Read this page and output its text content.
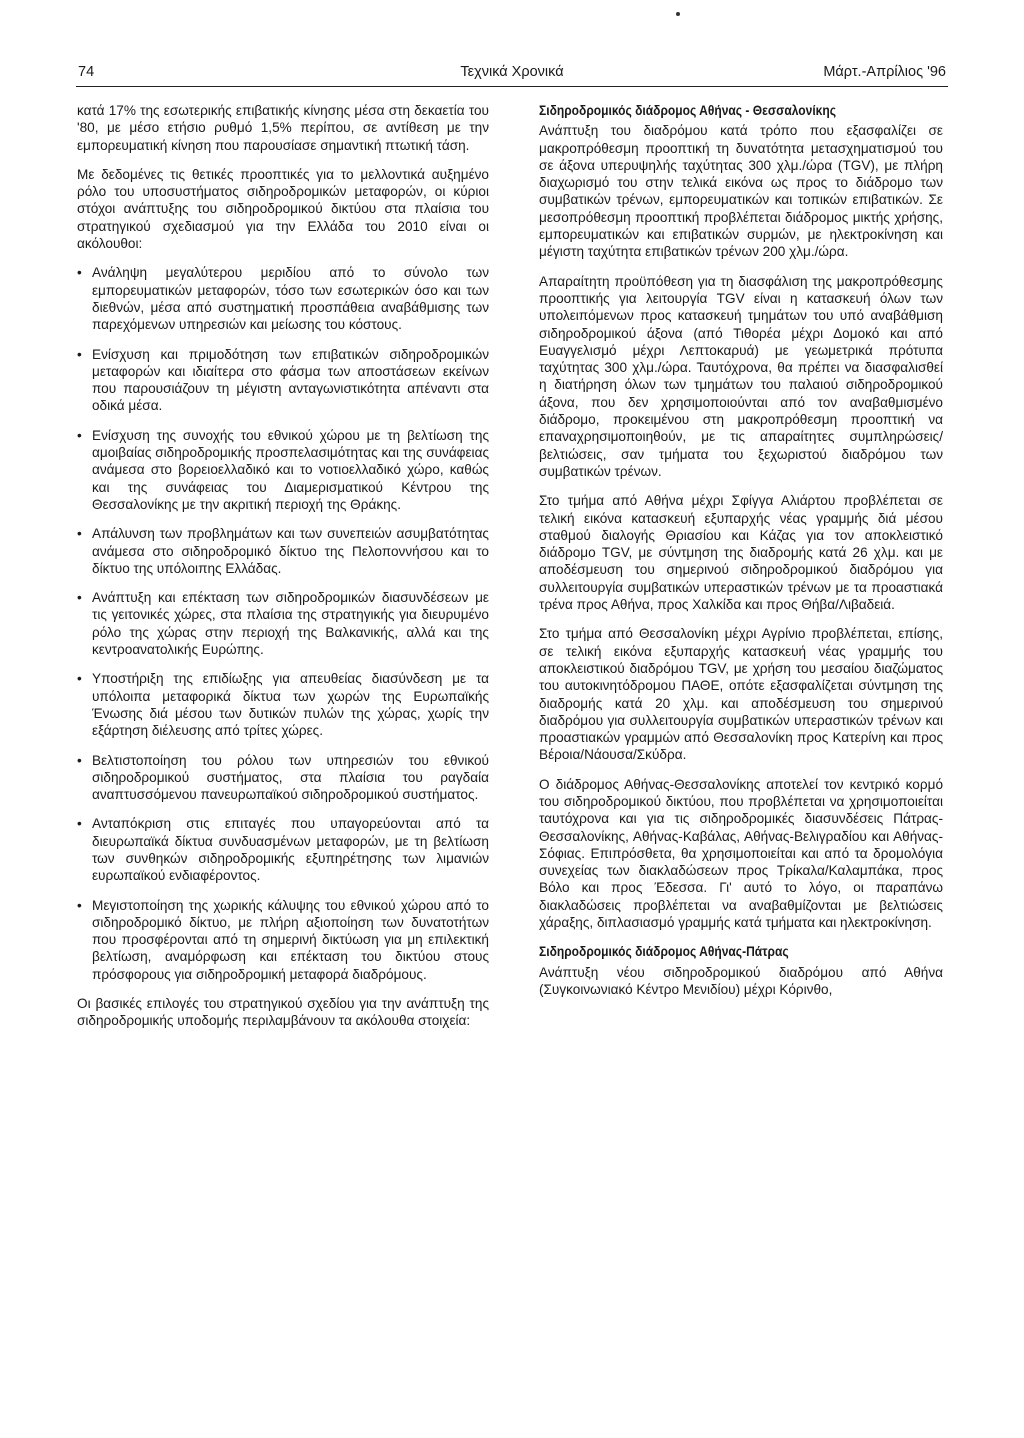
74	Τεχνικά Χρονικά	Μάρτ.-Απρίλιος '96

κατά 17% της εσωτερικής επιβατικής κίνησης μέσα στη δεκαετία του '80, με μέσο ετήσιο ρυθμό 1,5% περίπου, σε αντίθεση με την εμπορευματική κίνηση που παρουσίασε σημαντική πτωτική τάση.

Με δεδομένες τις θετικές προοπτικές για το μελλοντικά αυξημένο ρόλο του υποσυστήματος σιδηροδρομικών μεταφορών, οι κύριοι στόχοι ανάπτυξης του σιδηροδρομικού δικτύου στα πλαίσια του στρατηγικού σχεδιασμού για την Ελλάδα του 2010 είναι οι ακόλουθοι:

• Ανάληψη μεγαλύτερου μεριδίου από το σύνολο των εμπορευματικών μεταφορών, τόσο των εσωτερικών όσο και των διεθνών, μέσα από συστηματική προσπάθεια αναβάθμισης των παρεχόμενων υπηρεσιών και μείωσης του κόστους.
• Ενίσχυση και πριμοδότηση των επιβατικών σιδηροδρομικών μεταφορών και ιδιαίτερα στο φάσμα των αποστάσεων εκείνων που παρουσιάζουν τη μέγιστη ανταγωνιστικότητα απέναντι στα οδικά μέσα.
• Ενίσχυση της συνοχής του εθνικού χώρου με τη βελτίωση της αμοιβαίας σιδηροδρομικής προσπελασιμότητας και της συνάφειας ανάμεσα στο βορειοελλαδικό και το νοτιοελλαδικό χώρο, καθώς και της συνάφειας του Διαμερισματικού Κέντρου της Θεσσαλονίκης με την ακριτική περιοχή της Θράκης.
• Απάλυνση των προβλημάτων και των συνεπειών ασυμβατότητας ανάμεσα στο σιδηροδρομικό δίκτυο της Πελοποννήσου και το δίκτυο της υπόλοιπης Ελλάδας.
• Ανάπτυξη και επέκταση των σιδηροδρομικών διασυνδέσεων με τις γειτονικές χώρες, στα πλαίσια της στρατηγικής για διευρυμένο ρόλο της χώρας στην περιοχή της Βαλκανικής, αλλά και της κεντροανατολικής Ευρώπης.
• Υποστήριξη της επιδίωξης για απευθείας διασύνδεση με τα υπόλοιπα μεταφορικά δίκτυα των χωρών της Ευρωπαϊκής Ένωσης διά μέσου των δυτικών πυλών της χώρας, χωρίς την εξάρτηση διέλευσης από τρίτες χώρες.
• Βελτιστοποίηση του ρόλου των υπηρεσιών του εθνικού σιδηροδρομικού συστήματος, στα πλαίσια του ραγδαία αναπτυσσόμενου πανευρωπαϊκού σιδηροδρομικού συστήματος.
• Ανταπόκριση στις επιταγές που υπαγορεύονται από τα διευρωπαϊκά δίκτυα συνδυασμένων μεταφορών, με τη βελτίωση των συνθηκών σιδηροδρομικής εξυπηρέτησης των λιμανιών ευρωπαϊκού ενδιαφέροντος.
• Μεγιστοποίηση της χωρικής κάλυψης του εθνικού χώρου από το σιδηροδρομικό δίκτυο, με πλήρη αξιοποίηση των δυνατοτήτων που προσφέρονται από τη σημερινή δικτύωση για μη επιλεκτική βελτίωση, αναμόρφωση και επέκταση του δικτύου στους πρόσφορους για σιδηροδρομική μεταφορά διαδρόμους.

Οι βασικές επιλογές του στρατηγικού σχεδίου για την ανάπτυξη της σιδηροδρομικής υποδομής περιλαμβάνουν τα ακόλουθα στοιχεία:

Σιδηροδρομικός διάδρομος Αθήνας - Θεσσαλονίκης

Ανάπτυξη του διαδρόμου κατά τρόπο που εξασφαλίζει σε μακροπρόθεσμη προοπτική τη δυνατότητα μετασχηματισμού του σε άξονα υπερυψηλής ταχύτητας 300 χλμ./ώρα (TGV), με πλήρη διαχωρισμό του στην τελικά εικόνα ως προς το διάδρομο των συμβατικών τρένων, εμπορευματικών και τοπικών επιβατικών. Σε μεσοπρόθεσμη προοπτική προβλέπεται διάδρομος μικτής χρήσης, εμπορευματικών και επιβατικών συρμών, με ηλεκτροκίνηση και μέγιστη ταχύτητα επιβατικών τρένων 200 χλμ./ώρα.

Απαραίτητη προϋπόθεση για τη διασφάλιση της μακροπρόθεσμης προοπτικής για λειτουργία TGV είναι η κατασκευή όλων των υπολειπόμενων προς κατασκευή τμημάτων του υπό αναβάθμιση σιδηροδρομικού άξονα (από Τιθορέα μέχρι Δομοκό και από Ευαγγελισμό μέχρι Λεπτοκαρυά) με γεωμετρικά πρότυπα ταχύτητας 300 χλμ./ώρα. Ταυτόχρονα, θα πρέπει να διασφαλισθεί η διατήρηση όλων των τμημάτων του παλαιού σιδηροδρομικού άξονα, που δεν χρησιμοποιούνται από τον αναβαθμισμένο διάδρομο, προκειμένου στη μακροπρόθεσμη προοπτική να επαναχρησιμοποιηθούν, με τις απαραίτητες συμπληρώσεις/βελτιώσεις, σαν τμήματα του ξεχωριστού διαδρόμου των συμβατικών τρένων.

Στο τμήμα από Αθήνα μέχρι Σφίγγα Αλιάρτου προβλέπεται σε τελική εικόνα κατασκευή εξυπαρχής νέας γραμμής διά μέσου σταθμού διαλογής Θριασίου και Κάζας για τον αποκλειστικό διάδρομο TGV, με σύντμηση της διαδρομής κατά 26 χλμ. και με αποδέσμευση του σημερινού σιδηροδρομικού διαδρόμου για συλλειτουργία συμβατικών υπεραστικών τρένων με τα προαστιακά τρένα προς Αθήνα, προς Χαλκίδα και προς Θήβα/Λιβαδειά.

Στο τμήμα από Θεσσαλονίκη μέχρι Αγρίνιο προβλέπεται, επίσης, σε τελική εικόνα εξυπαρχής κατασκευή νέας γραμμής του αποκλειστικού διαδρόμου TGV, με χρήση του μεσαίου διαζώματος του αυτοκινητόδρομου ΠΑΘΕ, οπότε εξασφαλίζεται σύντμηση της διαδρομής κατά 20 χλμ. και αποδέσμευση του σημερινού διαδρόμου για συλλειτουργία συμβατικών υπεραστικών τρένων και προαστιακών γραμμών από Θεσσαλονίκη προς Κατερίνη και προς Βέροια/Νάουσα/Σκύδρα.

Ο διάδρομος Αθήνας-Θεσσαλονίκης αποτελεί τον κεντρικό κορμό του σιδηροδρομικού δικτύου, που προβλέπεται να χρησιμοποιείται ταυτόχρονα και για τις σιδηροδρομικές διασυνδέσεις Πάτρας-Θεσσαλονίκης, Αθήνας-Καβάλας, Αθήνας-Βελιγραδίου και Αθήνας-Σόφιας. Επιπρόσθετα, θα χρησιμοποιείται και από τα δρομολόγια συνεχείας των διακλαδώσεων προς Τρίκαλα/Καλαμπάκα, προς Βόλο και προς Έδεσσα. Γι' αυτό το λόγο, οι παραπάνω διακλαδώσεις προβλέπεται να αναβαθμίζονται με βελτιώσεις χάραξης, διπλασιασμό γραμμής κατά τμήματα και ηλεκτροκίνηση.

Σιδηροδρομικός διάδρομος Αθήνας-Πάτρας

Ανάπτυξη νέου σιδηροδρομικού διαδρόμου από Αθήνα (Συγκοινωνιακό Κέντρο Μενιδίου) μέχρι Κόρινθο,
